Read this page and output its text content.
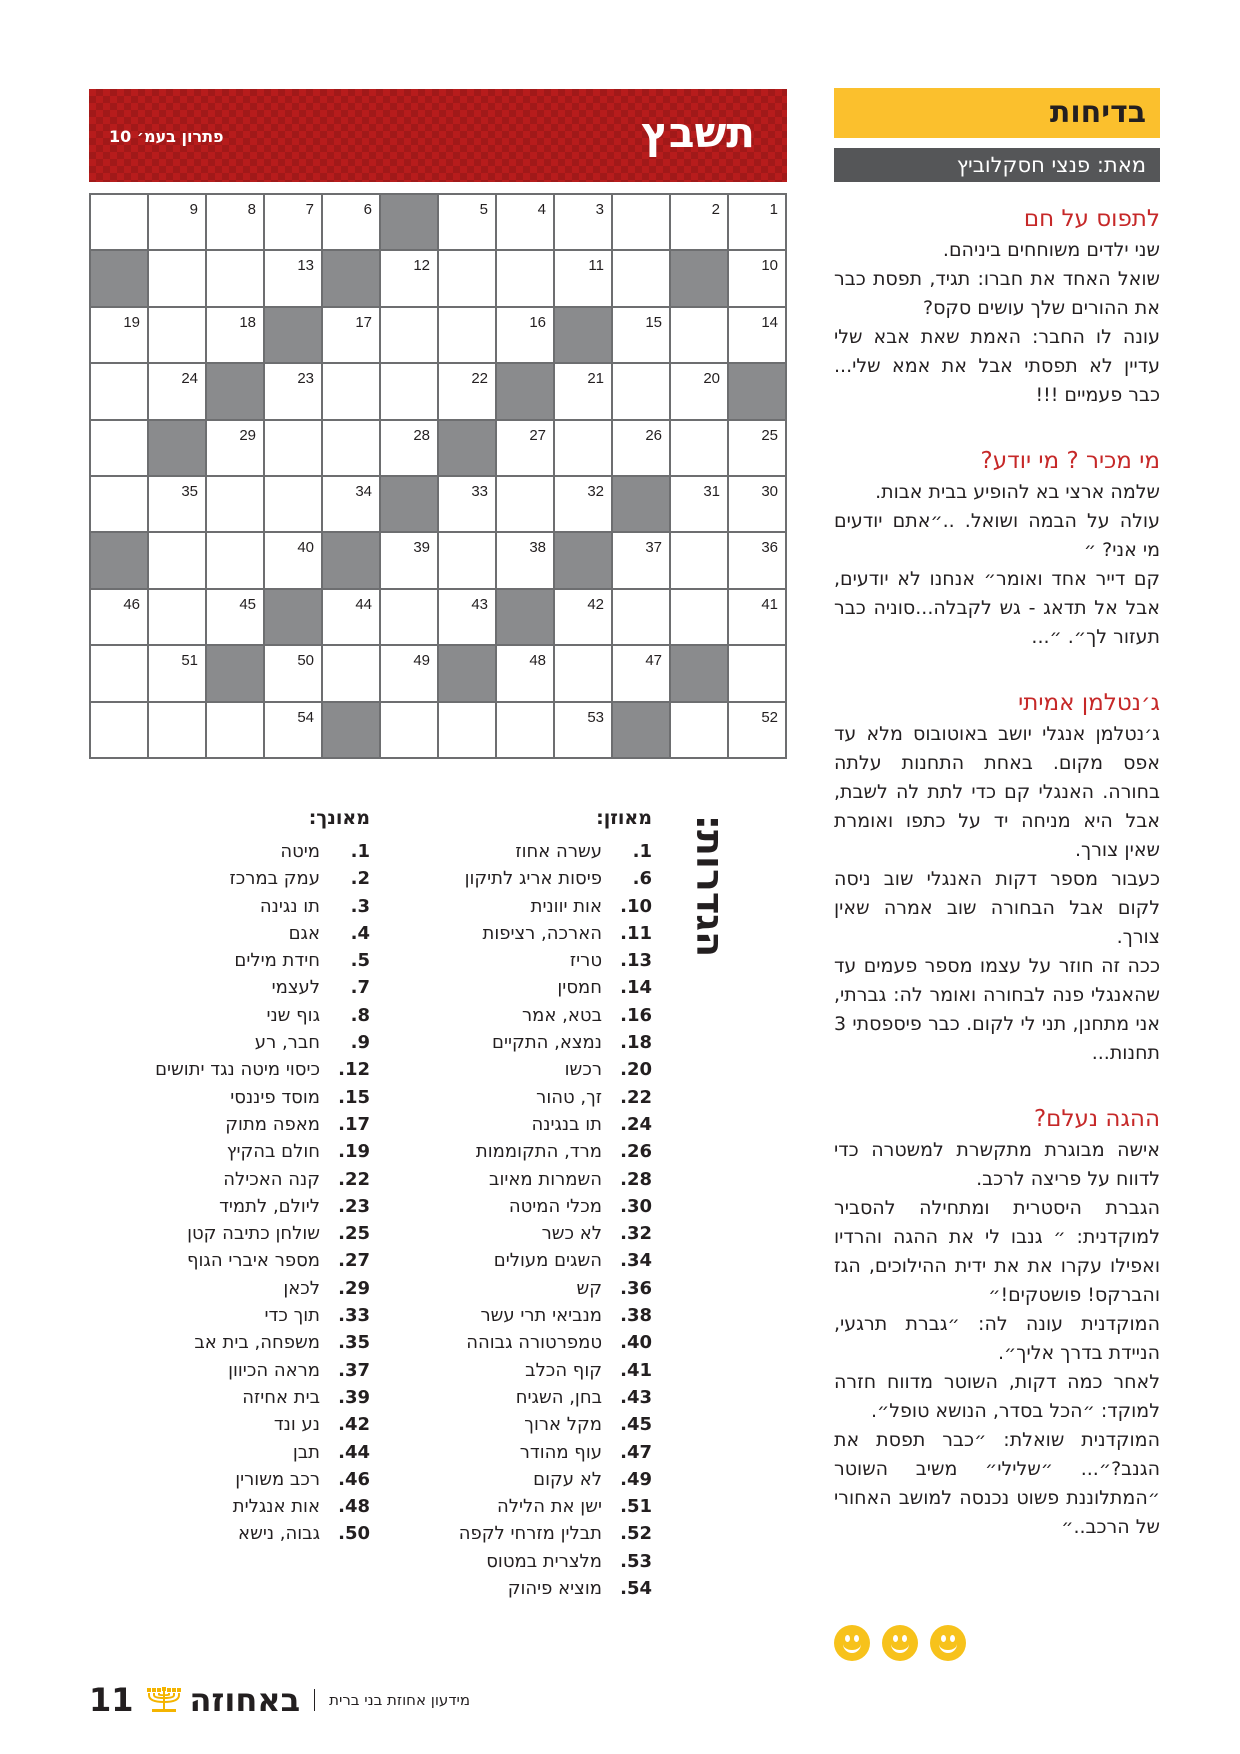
בדיחות
מאת: פנצי חסקלוביץ
לתפוס על חם

שני ילדים משוחחים ביניהם.

שואל האחד את חברו: תגיד, תפסת כבר את ההורים שלך עושים סקס?

עונה לו החבר: האמת שאת אבא שלי עדיין לא תפסתי אבל את אמא שלי... כבר פעמיים !!!

מי מכיר ? מי יודע?

שלמה ארצי בא להופיע בבית אבות.

עולה על הבמה ושואל. ..״אתם יודעים מי אני? ״

קם דייר אחד ואומר״ אנחנו לא יודעים, אבל אל תדאג - גש לקבלה...סוניה כבר תעזור לך״. ״...

ג׳נטלמן אמיתי

ג׳נטלמן אנגלי יושב באוטובוס מלא עד אפס מקום. באחת התחנות עלתה בחורה. האנגלי קם כדי לתת לה לשבת, אבל היא מניחה יד על כתפו ואומרת שאין צורך.

כעבור מספר דקות האנגלי שוב ניסה לקום אבל הבחורה שוב אמרה שאין צורך.

ככה זה חוזר על עצמו מספר פעמים עד שהאנגלי פנה לבחורה ואומר לה: גברתי, אני מתחנן, תני לי לקום. כבר פיספסתי 3 תחנות...

ההגה נעלם?

אישה מבוגרת מתקשרת למשטרה כדי לדווח על פריצה לרכב.

הגברת היסטרית ומתחילה להסביר למוקדנית: ״ גנבו לי את ההגה והרדיו ואפילו עקרו את את ידית ההילוכים, הגז והברקס! פושטקים!״

המוקדנית עונה לה: ״גברת תרגעי, הניידת בדרך אליך״.

לאחר כמה דקות, השוטר מדווח חזרה למוקד: ״הכל בסדר, הנושא טופל״.

המוקדנית שואלת: ״כבר תפסת את הגנב?״... ״שלילי״ משיב השוטר ״המתלוננת פשוט נכנסה למושב האחורי של הרכב..״

תשבץ
פתרון בעמ׳ 10
1
2
3
4
5
6
7
8
9
10
11
12
13
14
15
16
17
18
19
20
21
22
23
24
25
26
27
28
29
30
31
32
33
34
35
36
37
38
39
40
41
42
43
44
45
46
47
48
49
50
51
52
53
54
הגדרות:
מאוזן:
1.
עשרה אחוז
6.
פיסות אריג לתיקון
10.
אות יוונית
11.
הארכה, רציפות
13.
טריז
14.
חמסין
16.
בטא, אמר
18.
נמצא, התקיים
20.
רכשו
22.
זך, טהור
24.
תו בנגינה
26.
מרד, התקוממות
28.
השמרות מאיוב
30.
מכלי המיטה
32.
לא כשר
34.
השגים מעולים
36.
קש
38.
מנביאי תרי עשר
40.
טמפרטורה גבוהה
41.
קוף הכלב
43.
בחן, השגיח
45.
מקל ארוך
47.
עוף מהודר
49.
לא עקום
51.
ישן את הלילה
52.
תבלין מזרחי לקפה
53.
מלצרית במטוס
54.
מוציא פיהוק
מאונך:
1.
מיטה
2.
עמק במרכז
3.
תו נגינה
4.
אגם
5.
חידת מילים
7.
לעצמי
8.
גוף שני
9.
חבר, רע
12.
כיסוי מיטה נגד יתושים
15.
מוסד פיננסי
17.
מאפה מתוק
19.
חולם בהקיץ
22.
קנה האכילה
23.
ליולם, לתמיד
25.
שולחן כתיבה קטן
27.
מספר איברי הגוף
29.
לכאן
33.
תוך כדי
35.
משפחה, בית אב
37.
מראה הכיוון
39.
בית אחיזה
42.
נע ונד
44.
תבן
46.
רכב משורין
48.
אות אנגלית
50.
גבוה, נישא
11 באחוזה מידעון אחוזת בני ברית
